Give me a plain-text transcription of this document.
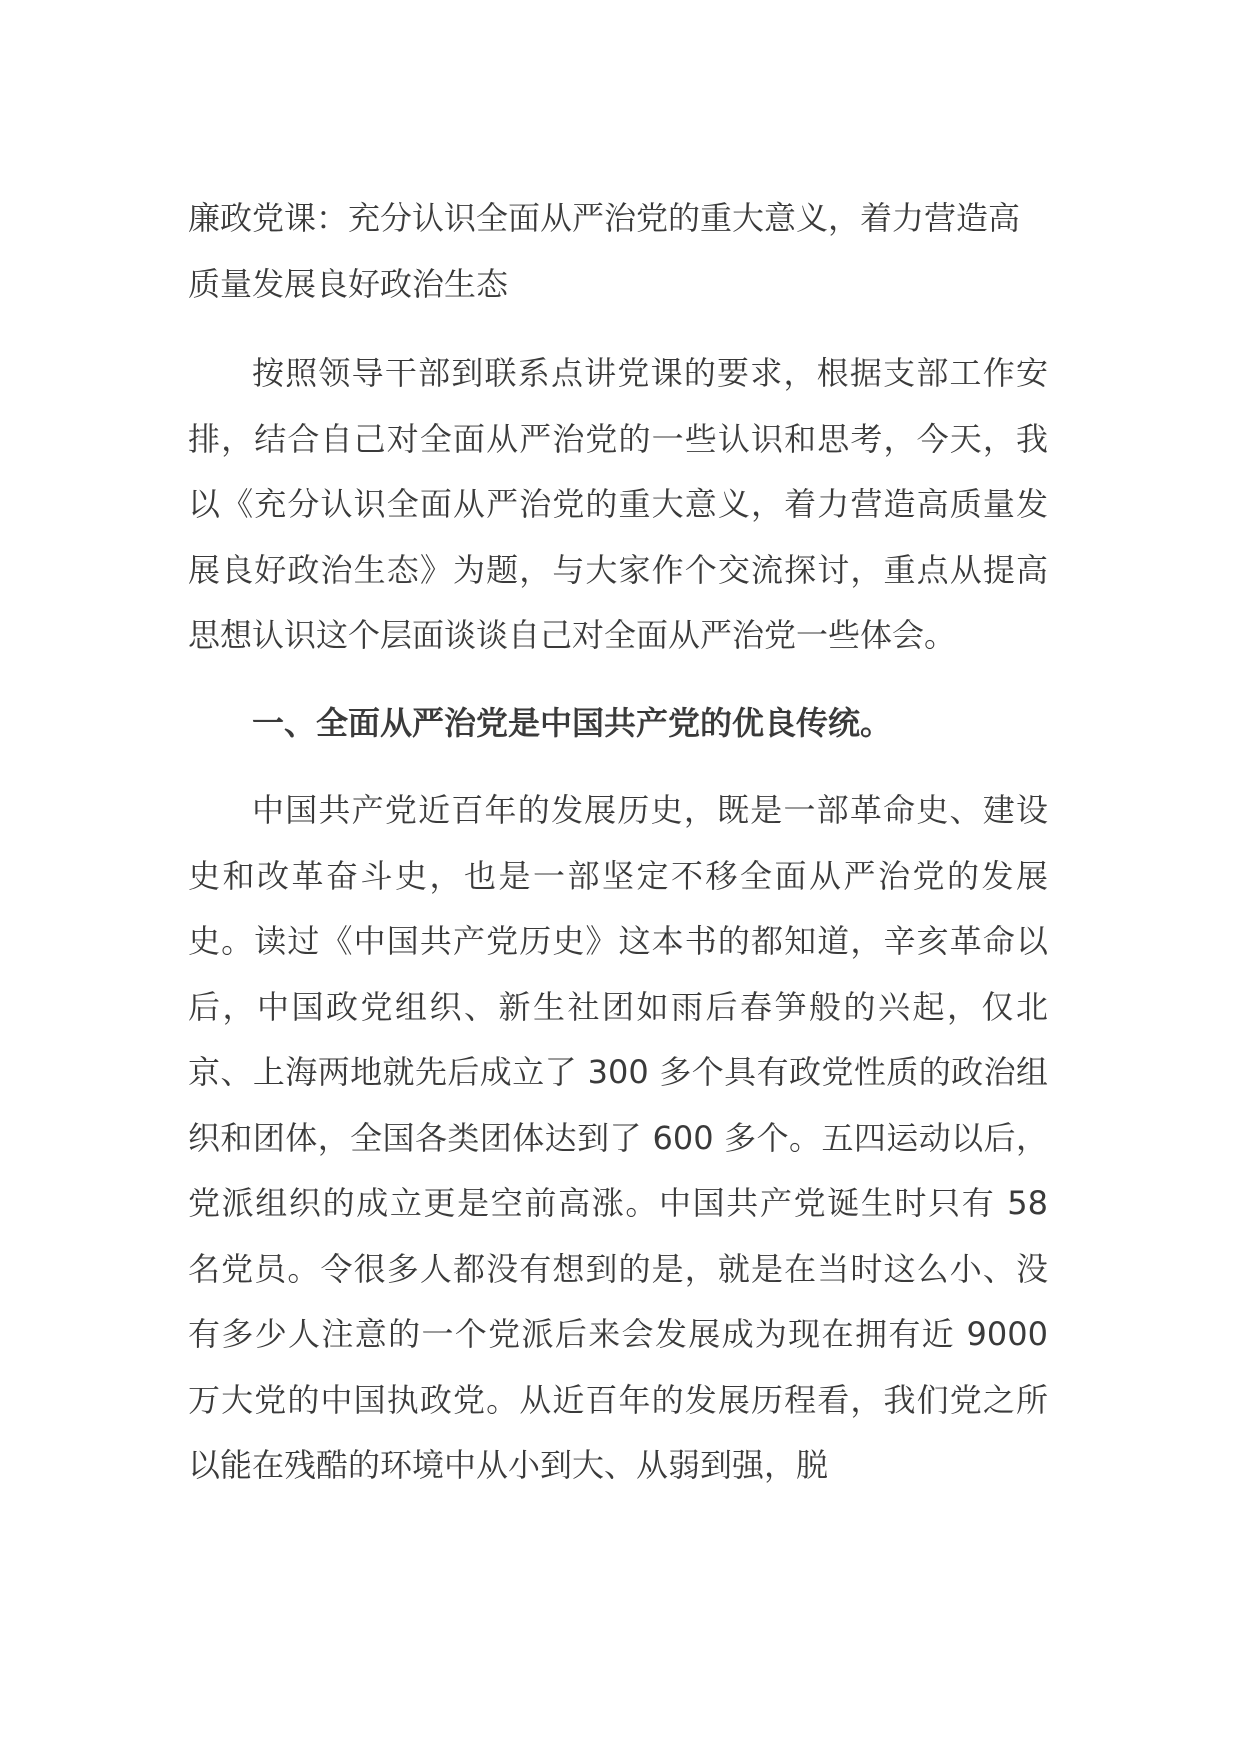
廉政党课：充分认识全面从严治党的重大意义，着力营造高质量发展良好政治生态

按照领导干部到联系点讲党课的要求，根据支部工作安排，结合自己对全面从严治党的一些认识和思考，今天，我以《充分认识全面从严治党的重大意义，着力营造高质量发展良好政治生态》为题，与大家作个交流探讨，重点从提高思想认识这个层面谈谈自己对全面从严治党一些体会。

一、全面从严治党是中国共产党的优良传统。

中国共产党近百年的发展历史，既是一部革命史、建设史和改革奋斗史，也是一部坚定不移全面从严治党的发展史。读过《中国共产党历史》这本书的都知道，辛亥革命以后，中国政党组织、新生社团如雨后春笋般的兴起，仅北京、上海两地就先后成立了 300 多个具有政党性质的政治组织和团体，全国各类团体达到了 600 多个。五四运动以后，党派组织的成立更是空前高涨。中国共产党诞生时只有 58 名党员。令很多人都没有想到的是，就是在当时这么小、没有多少人注意的一个党派后来会发展成为现在拥有近 9000 万大党的中国执政党。从近百年的发展历程看，我们党之所以能在残酷的环境中从小到大、从弱到强，脱
